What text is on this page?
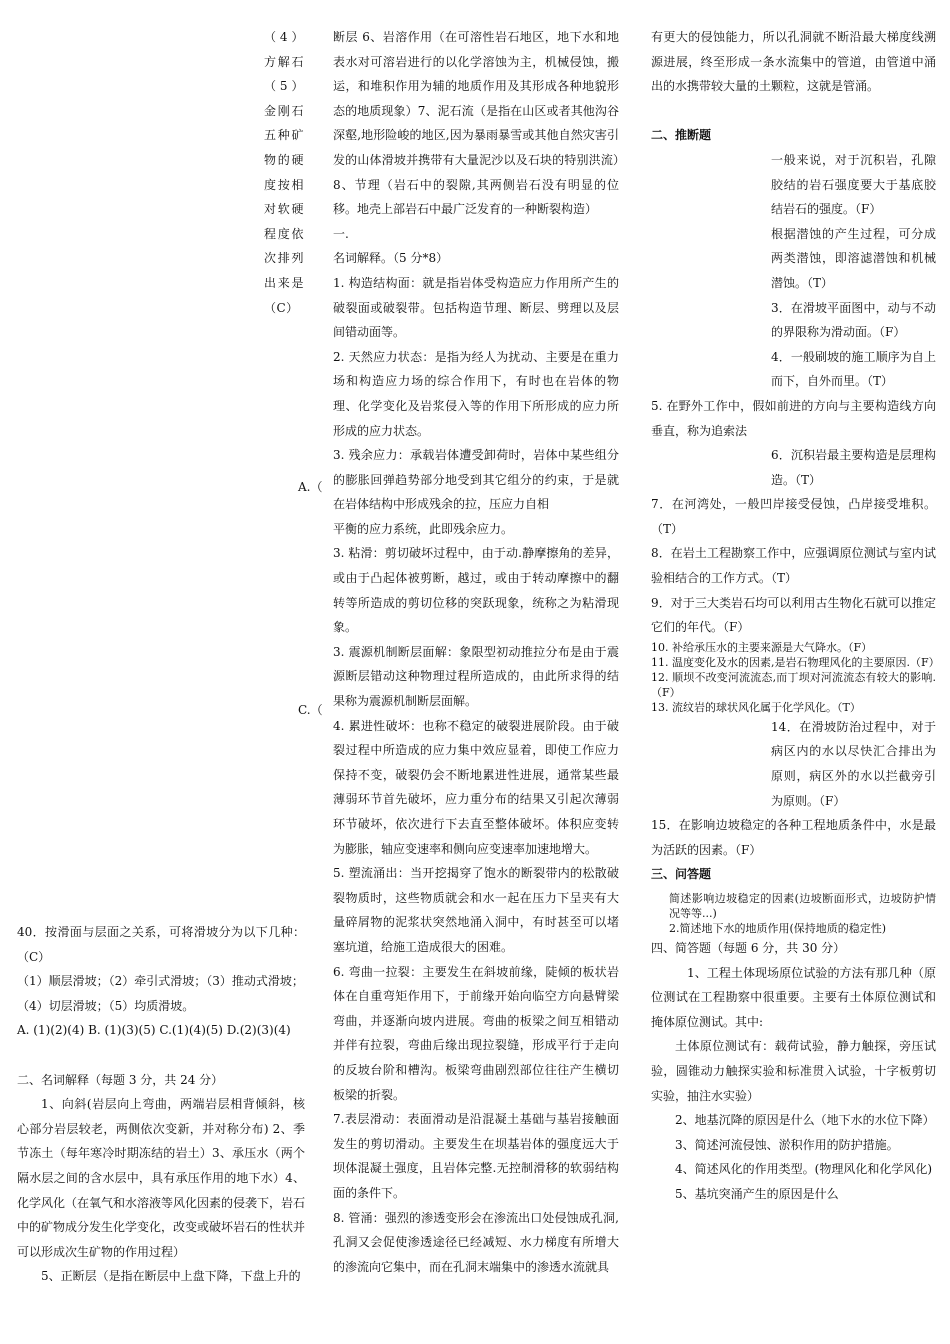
（4）方解石（5）金刚石五种矿物的硬度按相对软硬程度依次排列出来是（C）
A.（
C.（

40．按滑面与层面之关系，可将滑坡分为以下几种：（C）

（1）顺层滑坡；（2）牵引式滑坡；（3）推动式滑坡；

（4）切层滑坡；（5）均质滑坡。

A. (1)(2)(4) B. (1)(3)(5) C.(1)(4)(5) D.(2)(3)(4)

二、名词解释（每题 3 分，共 24 分）

1、向斜(岩层向上弯曲，两端岩层相背倾斜，核心部分岩层较老，两侧依次变新，并对称分布) 2、季节冻土（每年寒冷时期冻结的岩土）3、承压水（两个隔水层之间的含水层中，具有承压作用的地下水）4、化学风化（在氧气和水溶液等风化因素的侵袭下，岩石中的矿物成分发生化学变化，改变或破坏岩石的性状并可以形成次生矿物的作用过程）

5、正断层（是指在断层中上盘下降，下盘上升的

断层 6、岩溶作用（在可溶性岩石地区，地下水和地表水对可溶岩进行的以化学溶蚀为主，机械侵蚀，搬运，和堆积作用为辅的地质作用及其形成各种地貌形态的地质现象）7、泥石流（是指在山区或者其他沟谷深壑,地形险峻的地区,因为暴雨暴雪或其他自然灾害引发的山体滑坡并携带有大量泥沙以及石块的特别洪流）8、节理（岩石中的裂隙,其两侧岩石没有明显的位移。地壳上部岩石中最广泛发育的一种断裂构造）

一.

名词解释。（5 分*8）

1. 构造结构面：就是指岩体受构造应力作用所产生的破裂面或破裂带。包括构造节理、断层、劈理以及层间错动面等。

2. 天然应力状态：是指为经人为扰动、主要是在重力场和构造应力场的综合作用下，有时也在岩体的物理、化学变化及岩浆侵入等的作用下所形成的应力所形成的应力状态。

3. 残余应力：承载岩体遭受卸荷时，岩体中某些组分的膨胀回弹趋势部分地受到其它组分的约束，于是就在岩体结构中形成残余的拉，压应力自相

平衡的应力系统，此即残余应力。

3. 粘滑：剪切破坏过程中，由于动.静摩擦角的差异，或由于凸起体被剪断，越过，或由于转动摩擦中的翻转等所造成的剪切位移的突跃现象，统称之为粘滑现象。

3. 震源机制断层面解：象限型初动推拉分布是由于震源断层错动这种物理过程所造成的，由此所求得的结果称为震源机制断层面解。

4. 累进性破坏：也称不稳定的破裂进展阶段。由于破裂过程中所造成的应力集中效应显着，即使工作应力保持不变，破裂仍会不断地累进性进展，通常某些最薄弱环节首先破坏，应力重分布的结果又引起次薄弱环节破坏，依次进行下去直至整体破坏。体积应变转为膨胀，轴应变速率和侧向应变速率加速地增大。

5. 塑流涌出：当开挖揭穿了饱水的断裂带内的松散破裂物质时，这些物质就会和水一起在压力下呈夹有大量碎屑物的泥浆状突然地涌入洞中，有时甚至可以堵塞坑道，给施工造成很大的困难。

6. 弯曲一拉裂：主要发生在斜坡前缘，陡倾的板状岩体在自重弯矩作用下，于前缘开始向临空方向悬臂梁弯曲，并逐渐向坡内进展。弯曲的板梁之间互相错动并伴有拉裂，弯曲后缘出现拉裂缝，形成平行于走向的反坡台阶和槽沟。板梁弯曲剧烈部位往往产生横切板梁的折裂。

7.表层滑动：表面滑动是沿混凝土基础与基岩接触面发生的剪切滑动。主要发生在坝基岩体的强度远大于坝体混凝土强度，且岩体完整.无控制滑移的软弱结构面的条件下。

8. 管涌：强烈的渗透变形会在渗流出口处侵蚀成孔洞,孔洞又会促使渗透途径已经减短、水力梯度有所增大的渗流向它集中，而在孔洞末端集中的渗透水流就具

有更大的侵蚀能力，所以孔洞就不断沿最大梯度线溯源进展，终至形成一条水流集中的管道，由管道中涌出的水携带较大量的土颗粒，这就是管涌。

二、推断题

一般来说，对于沉积岩，孔隙胶结的岩石强度要大于基底胶结岩石的强度。（F）

根据潜蚀的产生过程，可分成两类潜蚀，即溶滤潜蚀和机械潜蚀。（T）

3．在滑坡平面图中，动与不动的界限称为滑动面。（F）

4．一般刷坡的施工顺序为自上而下，自外而里。（T）

5. 在野外工作中，假如前进的方向与主要构造线方向垂直，称为追索法

6．沉积岩最主要构造是层理构造。（T）

7．在河湾处，一般凹岸接受侵蚀，凸岸接受堆积。（T）

8．在岩土工程勘察工作中，应强调原位测试与室内试验相结合的工作方式。（T）

9．对于三大类岩石均可以利用古生物化石就可以推定它们的年代。（F）

10. 补给承压水的主要来源是大气降水。（F）

11. 温度变化及水的因素,是岩石物理风化的主要原因.（F）

12. 顺坝不改变河流流态,而丁坝对河流流态有较大的影响.（F）

13. 流纹岩的球状风化属于化学风化。（T）

14．在滑坡防治过程中，对于病区内的水以尽快汇合排出为原则，病区外的水以拦截旁引为原则。（F）

15．在影响边坡稳定的各种工程地质条件中，水是最为活跃的因素。（F）

三、问答题

简述影响边坡稳定的因素(边坡断面形式，边坡防护情况等等...)

2.简述地下水的地质作用(保持地质的稳定性)

四、简答题（每题 6 分，共 30 分）

1、工程土体现场原位试验的方法有那几种（原位测试在工程勘察中很重要。主要有土体原位测试和掩体原位测试。其中:

土体原位测试有：载荷试验，静力触探，旁压试验，圆锥动力触探实验和标准贯入试验，十字板剪切实验，抽注水实验）

2、地基沉降的原因是什么（地下水的水位下降）

3、简述河流侵蚀、淤积作用的防护措施。

4、简述风化的作用类型。(物理风化和化学风化)

5、基坑突涌产生的原因是什么
